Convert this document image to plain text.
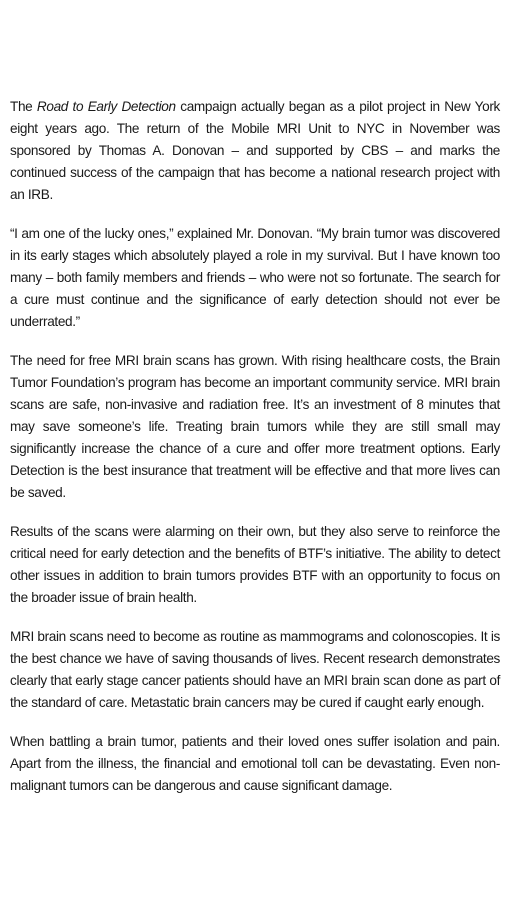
The Road to Early Detection campaign actually began as a pilot project in New York eight years ago. The return of the Mobile MRI Unit to NYC in November was sponsored by Thomas A. Donovan – and supported by CBS – and marks the continued success of the campaign that has become a national research project with an IRB.

“I am one of the lucky ones,” explained Mr. Donovan. “My brain tumor was discovered in its early stages which absolutely played a role in my survival. But I have known too many – both family members and friends – who were not so fortunate. The search for a cure must continue and the significance of early detection should not ever be underrated.”

The need for free MRI brain scans has grown. With rising healthcare costs, the Brain Tumor Foundation’s program has become an important community service. MRI brain scans are safe, non-invasive and radiation free. It’s an investment of 8 minutes that may save someone’s life. Treating brain tumors while they are still small may significantly increase the chance of a cure and offer more treatment options. Early Detection is the best insurance that treatment will be effective and that more lives can be saved.

Results of the scans were alarming on their own, but they also serve to reinforce the critical need for early detection and the benefits of BTF’s initiative. The ability to detect other issues in addition to brain tumors provides BTF with an opportunity to focus on the broader issue of brain health.

MRI brain scans need to become as routine as mammograms and colonoscopies. It is the best chance we have of saving thousands of lives. Recent research demonstrates clearly that early stage cancer patients should have an MRI brain scan done as part of the standard of care. Metastatic brain cancers may be cured if caught early enough.

When battling a brain tumor, patients and their loved ones suffer isolation and pain. Apart from the illness, the financial and emotional toll can be devastating. Even non-malignant tumors can be dangerous and cause significant damage.
